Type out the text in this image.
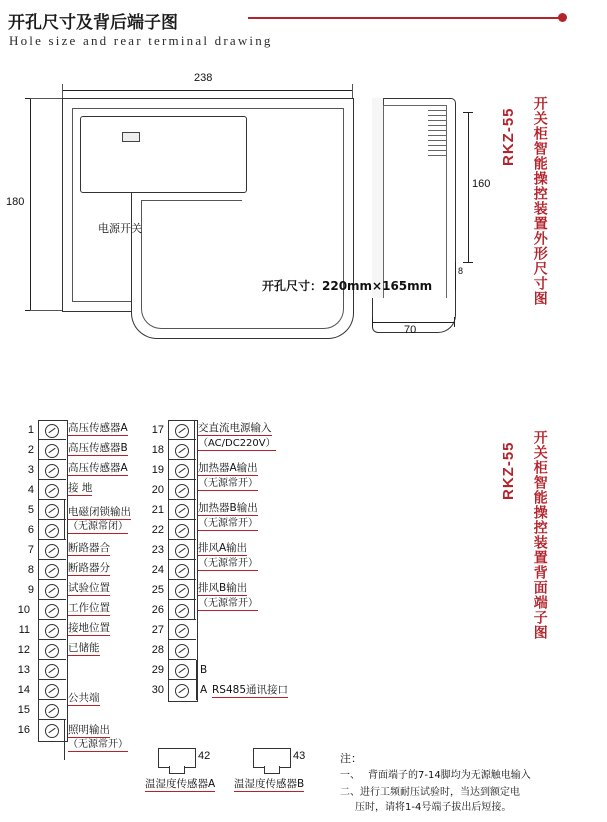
开孔尺寸及背后端子图
Hole size and rear terminal drawing
开关柜智能操控装置外形尺寸图
RKZ-55
开关柜智能操控装置背面端子图
RKZ-55
238
180
电源开关
160
8
70
开孔尺寸：220mm×165mm
1
2
3
4
5
6
7
8
9
10
11
12
13
14
15
16
高压传感器A
高压传感器B
高压传感器A
接 地
电磁闭锁输出
（无源常闭）
断路器合
断路器分
试验位置
工作位置
接地位置
已储能
公共端
照明输出
（无源常开）
17
18
19
20
21
22
23
24
25
26
27
28
29
30
交直流电源输入
（AC/DC220V）
加热器A输出
（无源常开）
加热器B输出
（无源常开）
排风A输出
（无源常开）
排风B输出
（无源常开）
B
A RS485通讯接口
42
温湿度传感器A
43
温湿度传感器B
注：
一、 背面端子的7-14脚均为无源触电输入
二、进行工频耐压试验时，当达到额定电
压时，请将1-4号端子拔出后短接。
